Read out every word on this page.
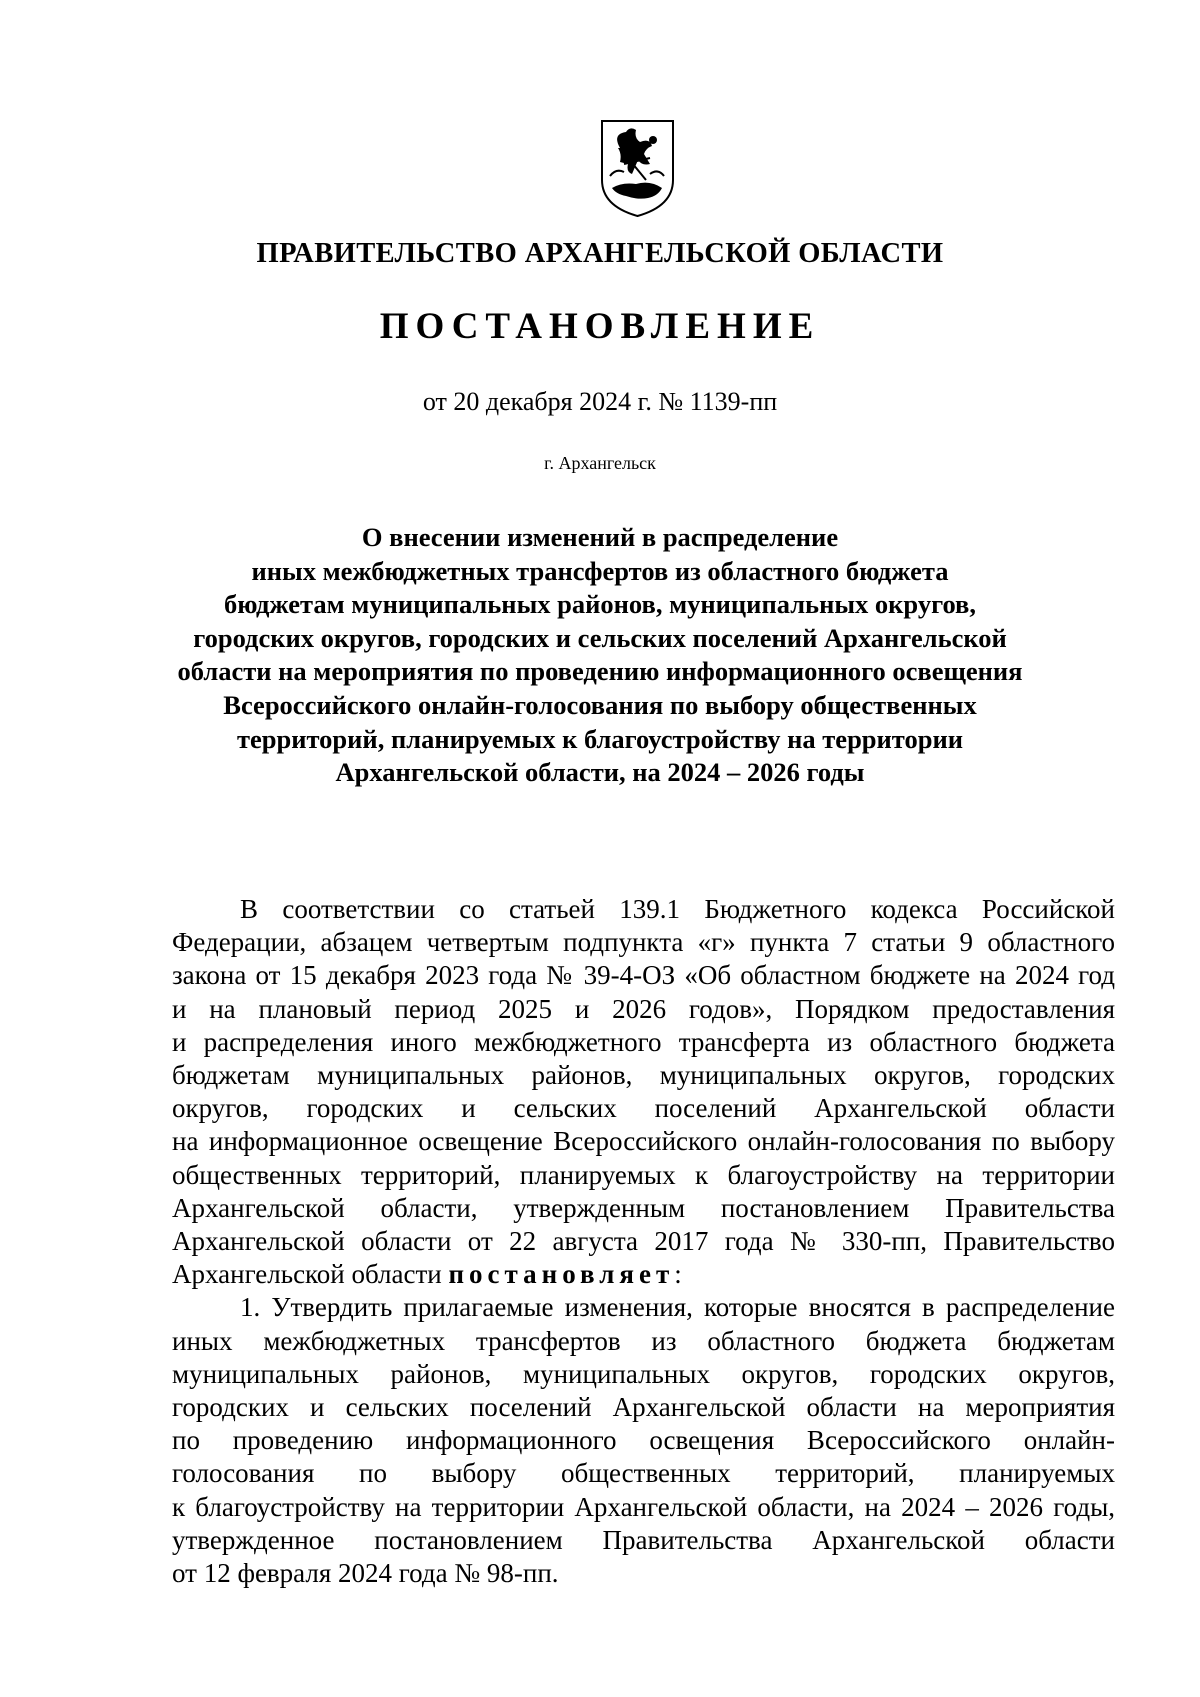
ПРАВИТЕЛЬСТВО АРХАНГЕЛЬСКОЙ ОБЛАСТИ
ПОСТАНОВЛЕНИЕ
от 20 декабря 2024 г. № 1139-пп
г. Архангельск
О внесении изменений в распределение
иных межбюджетных трансфертов из областного бюджета
бюджетам муниципальных районов, муниципальных округов,
городских округов, городских и сельских поселений Архангельской
области на мероприятия по проведению информационного освещения
Всероссийского онлайн-голосования по выбору общественных
территорий, планируемых к благоустройству на территории
Архангельской области, на 2024 – 2026 годы
В соответствии со статьей 139.1 Бюджетного кодекса Российской
Федерации, абзацем четвертым подпункта «г» пункта 7 статьи 9 областного
закона от 15 декабря 2023 года № 39-4-ОЗ «Об областном бюджете на 2024 год
и на плановый период 2025 и 2026 годов», Порядком предоставления
и распределения иного межбюджетного трансферта из областного бюджета
бюджетам муниципальных районов, муниципальных округов, городских
округов, городских и сельских поселений Архангельской области
на информационное освещение Всероссийского онлайн-голосования по выбору
общественных территорий, планируемых к благоустройству на территории
Архангельской области, утвержденным постановлением Правительства
Архангельской области от 22 августа 2017 года № 330-пп, Правительство
Архангельской области постановляет:
1. Утвердить прилагаемые изменения, которые вносятся в распределение
иных межбюджетных трансфертов из областного бюджета бюджетам
муниципальных районов, муниципальных округов, городских округов,
городских и сельских поселений Архангельской области на мероприятия
по проведению информационного освещения Всероссийского онлайн-
голосования по выбору общественных территорий, планируемых
к благоустройству на территории Архангельской области, на 2024 – 2026 годы,
утвержденное постановлением Правительства Архангельской области
от 12 февраля 2024 года № 98-пп.
